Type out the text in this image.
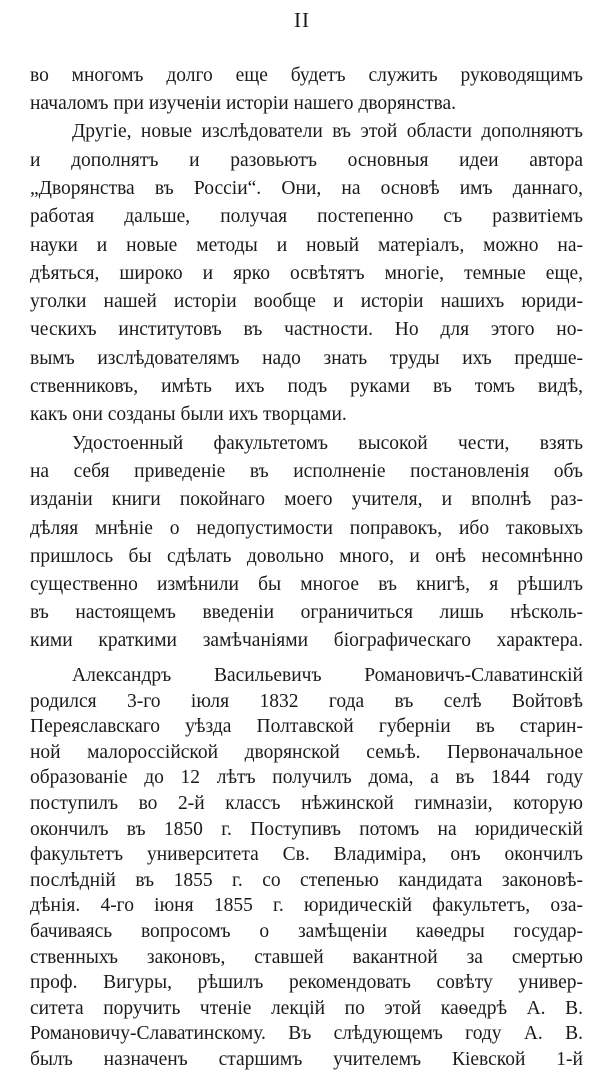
II
во многомъ долго еще будетъ служить руководящимъ
началомъ при изученіи исторіи нашего дворянства.
Другіе, новые изслѣдователи въ этой области дополняютъ
и дополнятъ и разовьютъ основныя идеи автора
„Дворянства въ Россіи“. Они, на основѣ имъ даннаго,
работая дальше, получая постепенно съ развитіемъ
науки и новые методы и новый матеріалъ, можно на-
дѣяться, широко и ярко освѣтятъ многіе, темные еще,
уголки нашей исторіи вообще и исторіи нашихъ юриди-
ческихъ институтовъ въ частности. Но для этого но-
вымъ изслѣдователямъ надо знать труды ихъ предше-
ственниковъ, имѣть ихъ подъ руками въ томъ видѣ,
какъ они созданы были ихъ творцами.
Удостоенный факультетомъ высокой чести, взять
на себя приведеніе въ исполненіе постановленія объ
изданіи книги покойнаго моего учителя, и вполнѣ раз-
дѣляя мнѣніе о недопустимости поправокъ, ибо таковыхъ
пришлось бы сдѣлать довольно много, и онѣ несомнѣнно
существенно измѣнили бы многое въ книгѣ, я рѣшилъ
въ настоящемъ введеніи ограничиться лишь нѣсколь-
кими краткими замѣчаніями біографическаго характера.
Александръ Васильевичъ Романовичъ-Славатинскій
родился 3-го іюля 1832 года въ селѣ Войтовѣ
Переяславскаго уѣзда Полтавской губерніи въ старин-
ной малороссійской дворянской семьѣ. Первоначальное
образованіе до 12 лѣтъ получилъ дома, а въ 1844 году
поступилъ во 2-й классъ нѣжинской гимназіи, которую
окончилъ въ 1850 г. Поступивъ потомъ на юридическій
факультетъ университета Св. Владиміра, онъ окончилъ
послѣдній въ 1855 г. со степенью кандидата законовѣ-
дѣнія. 4-го іюня 1855 г. юридическій факультетъ, оза-
бачиваясь вопросомъ о замѣщеніи каѳедры государ-
ственныхъ законовъ, ставшей вакантной за смертью
проф. Вигуры, рѣшилъ рекомендовать совѣту универ-
ситета поручить чтеніе лекцій по этой каѳедрѣ А. В.
Романовичу-Славатинскому. Въ слѣдующемъ году А. В.
былъ назначенъ старшимъ учителемъ Кіевской 1-й
